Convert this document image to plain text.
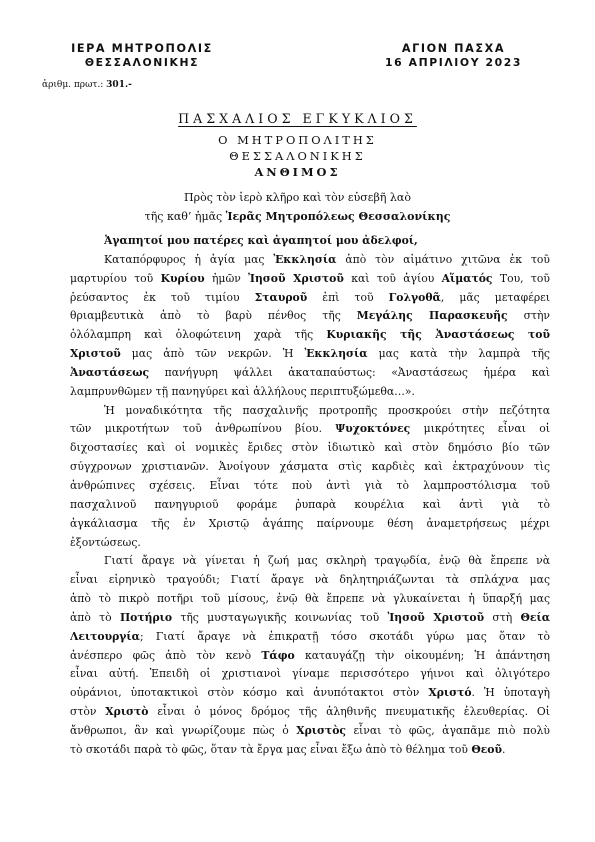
ΙΕΡΑ ΜΗΤΡΟΠΟΛΙΣ
ΘΕΣΣΑΛΟΝΙΚΗΣ
ΑΓΙΟΝ ΠΑΣΧΑ
16 ΑΠΡΙΛΙΟΥ 2023
ἀριθμ. πρωτ.: 301.-
ΠΑΣΧΑΛΙΟΣ ΕΓΚΥΚΛΙΟΣ
Ο ΜΗΤΡΟΠΟΛΙΤΗΣ
ΘΕΣΣΑΛΟΝΙΚΗΣ
ΑΝΘΙΜΟΣ
Πρὸς τὸν ἱερὸ κλῆρο καὶ τὸν εὐσεβῆ λαὸ
τῆς καθ’ ἡμᾶς Ἱερᾶς Μητροπόλεως Θεσσαλονίκης
Ἀγαπητοί μου πατέρες καὶ ἀγαπητοί μου ἀδελφοί,
Καταπόρφυρος ἡ ἁγία μας Ἐκκλησία ἀπὸ τὸν αἱμάτινο χιτῶνα ἐκ τοῦ
μαρτυρίου τοῦ Κυρίου ἡμῶν Ἰησοῦ Χριστοῦ καὶ τοῦ ἁγίου Αἵματός Του, τοῦ
ῥεύσαντος ἐκ τοῦ τιμίου Σταυροῦ ἐπὶ τοῦ Γολγοθᾶ, μᾶς μεταφέρει
θριαμβευτικὰ ἀπὸ τὸ βαρὺ πένθος τῆς Μεγάλης Παρασκευῆς στὴν
ὁλόλαμπρη καὶ ὁλοφώτεινη χαρὰ τῆς Κυριακῆς τῆς Ἀναστάσεως τοῦ
Χριστοῦ μας ἀπὸ τῶν νεκρῶν. Ἡ Ἐκκλησία μας κατὰ τὴν λαμπρὰ τῆς
Ἀναστάσεως πανήγυρη ψάλλει ἀκαταπαύστως: «Ἀναστάσεως ἡμέρα καὶ
λαμπρυνθῶμεν τῇ πανηγύρει καὶ ἀλλήλους περιπτυξώμεθα…».
Ἡ μοναδικότητα τῆς πασχαλινῆς προτροπῆς προσκρούει στὴν πεζότητα
τῶν μικροτήτων τοῦ ἀνθρωπίνου βίου. Ψυχοκτόνες μικρότητες εἶναι οἱ
διχοστασίες καὶ οἱ νομικὲς ἔριδες στὸν ἰδιωτικὸ καὶ στὸν δημόσιο βίο τῶν
σύγχρονων χριστιανῶν. Ἀνοίγουν χάσματα στὶς καρδιὲς καὶ ἐκτραχύνουν τὶς
ἀνθρώπινες σχέσεις. Εἶναι τότε ποὺ ἀντὶ γιὰ τὸ λαμπροστόλισμα τοῦ
πασχαλινοῦ πανηγυριοῦ φοράμε ῥυπαρὰ κουρέλια καὶ ἀντὶ γιὰ τὸ
ἀγκάλιασμα τῆς ἐν Χριστῷ ἀγάπης παίρνουμε θέση ἀναμετρήσεως μέχρι
ἐξοντώσεως.
Γιατί ἄραγε νὰ γίνεται ἡ ζωή μας σκληρὴ τραγῳδία, ἐνῷ θὰ ἔπρεπε νὰ
εἶναι εἰρηνικὸ τραγούδι; Γιατί ἄραγε νὰ δηλητηριάζωνται τὰ σπλάχνα μας
ἀπὸ τὸ πικρὸ ποτῆρι τοῦ μίσους, ἐνῷ θὰ ἔπρεπε νὰ γλυκαίνεται ἡ ὕπαρξή μας
ἀπὸ τὸ Ποτήριο τῆς μυσταγωγικῆς κοινωνίας τοῦ Ἰησοῦ Χριστοῦ στὴ Θεία
Λειτουργία; Γιατί ἄραγε νὰ ἐπικρατῇ τόσο σκοτάδι γύρω μας ὅταν τὸ
ἀνέσπερο φῶς ἀπὸ τὸν κενὸ Τάφο καταυγάζῃ τὴν οἰκουμένη; Ἡ ἀπάντηση
εἶναι αὐτή. Ἐπειδὴ οἱ χριστιανοὶ γίναμε περισσότερο γήινοι καὶ ὀλιγότερο
οὐράνιοι, ὑποτακτικοὶ στὸν κόσμο καὶ ἀνυπότακτοι στὸν Χριστό. Ἡ ὑποταγὴ
στὸν Χριστὸ εἶναι ὁ μόνος δρόμος τῆς ἀληθινῆς πνευματικῆς ἐλευθερίας. Οἱ
ἄνθρωποι, ἂν καὶ γνωρίζουμε πὼς ὁ Χριστὸς εἶναι τὸ φῶς, ἀγαπᾶμε πιὸ πολὺ
τὸ σκοτάδι παρὰ τὸ φῶς, ὅταν τὰ ἔργα μας εἶναι ἔξω ἀπὸ τὸ θέλημα τοῦ Θεοῦ.
